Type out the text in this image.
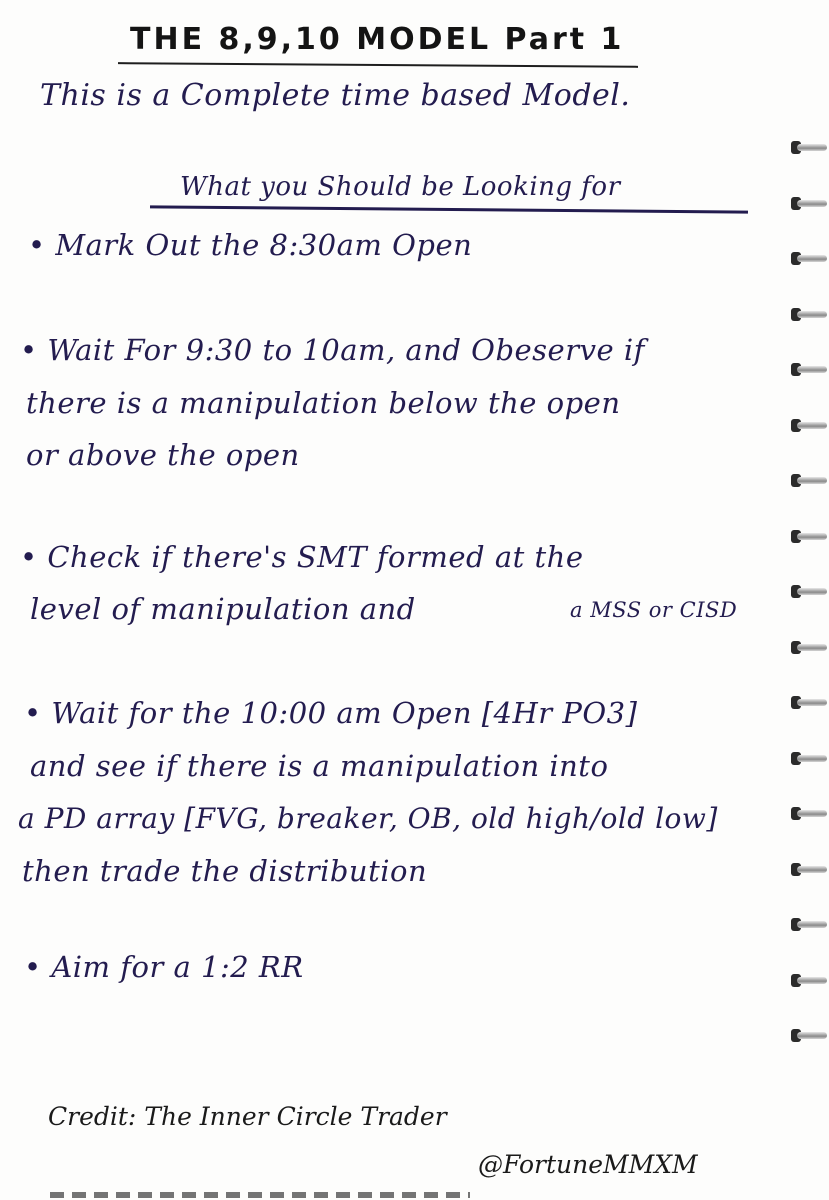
THE 8,9,10 MODEL Part 1
This is a Complete time based Model.
What you Should be Looking for
• Mark Out the 8:30am Open
• Wait For 9:30 to 10am, and Obeserve if
there is a manipulation below the open
or above the open
• Check if there's SMT formed at the
level of manipulation and	a MSS or CISD
• Wait for the 10:00 am Open [4Hr PO3]
and see if there is a manipulation into
a PD array [FVG, breaker, OB, old high/old low]
then trade the distribution
• Aim for a 1:2 RR
Credit: The Inner Circle Trader
@FortuneMMXM
